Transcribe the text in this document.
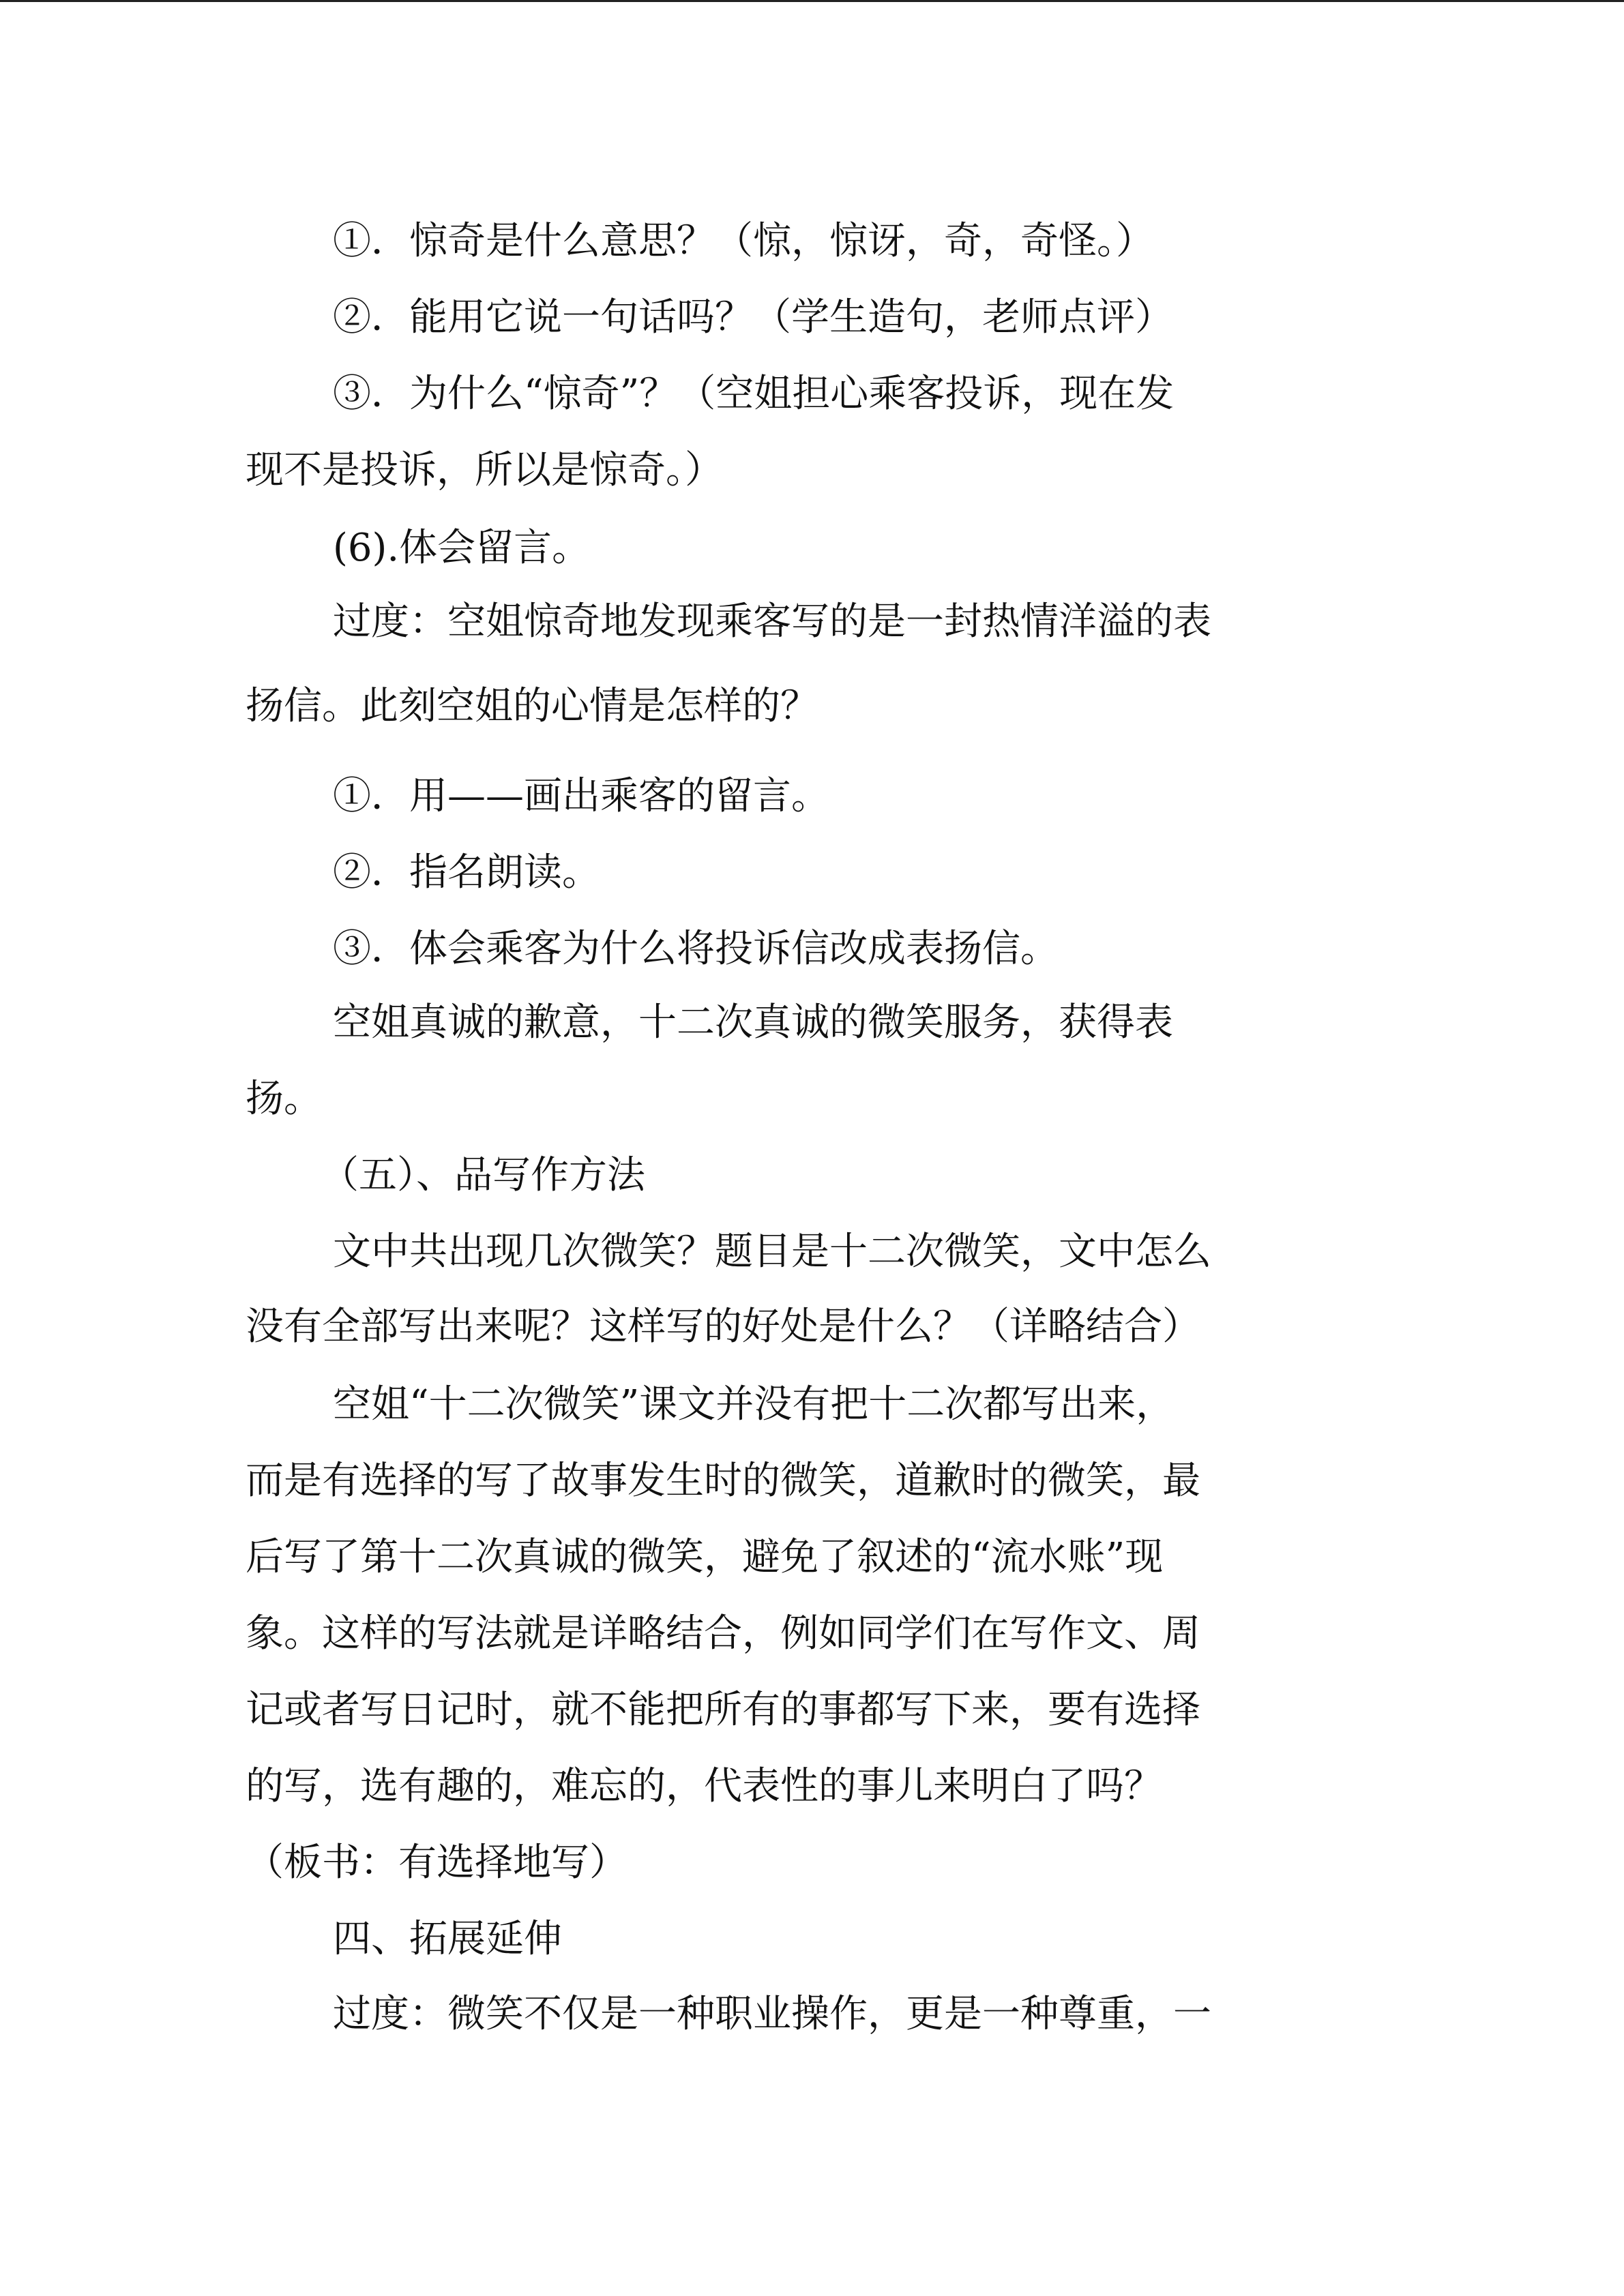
①．惊奇是什么意思？（惊，惊讶，奇，奇怪。）
②．能用它说一句话吗？（学生造句，老师点评）
③．为什么“惊奇”？（空姐担心乘客投诉，现在发
现不是投诉，所以是惊奇。）
(6).体会留言。
过度：空姐惊奇地发现乘客写的是一封热情洋溢的表
扬信。此刻空姐的心情是怎样的？
①．用——画出乘客的留言。
②．指名朗读。
③．体会乘客为什么将投诉信改成表扬信。
空姐真诚的歉意，十二次真诚的微笑服务，获得表
扬。
（五）、品写作方法
文中共出现几次微笑？题目是十二次微笑，文中怎么
没有全部写出来呢？这样写的好处是什么？（详略结合）
空姐“十二次微笑”课文并没有把十二次都写出来，
而是有选择的写了故事发生时的微笑，道歉时的微笑，最
后写了第十二次真诚的微笑，避免了叙述的“流水账”现
象。这样的写法就是详略结合，例如同学们在写作文、周
记或者写日记时，就不能把所有的事都写下来，要有选择
的写，选有趣的，难忘的，代表性的事儿来明白了吗？
（板书：有选择地写）
四、拓展延伸
过度：微笑不仅是一种职业操作，更是一种尊重，一
